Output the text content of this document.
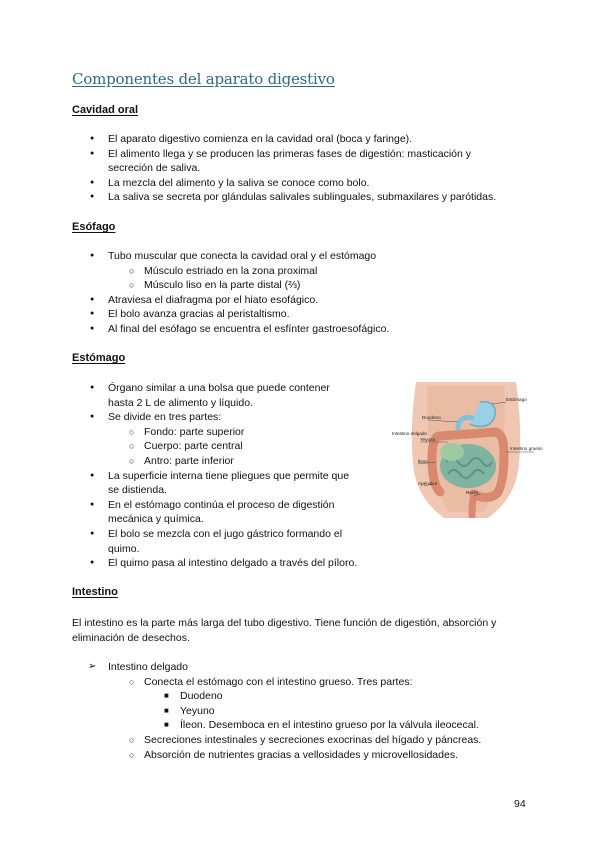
Componentes del aparato digestivo
Cavidad oral
● El aparato digestivo comienza en la cavidad oral (boca y faringe).
● El alimento llega y se producen las primeras fases de digestión: masticación y
secreción de saliva.
● La mezcla del alimento y la saliva se conoce como bolo.
● La saliva se secreta por glándulas salivales sublinguales, submaxilares y parótidas.
Esófago
● Tubo muscular que conecta la cavidad oral y el estómago
○ Músculo estriado en la zona proximal
○ Músculo liso en la parte distal (⅔)
● Atraviesa el diafragma por el hiato esofágico.
● El bolo avanza gracias al peristaltismo.
● Al final del esófago se encuentra el esfínter gastroesofágico.
Estómago
● Órgano similar a una bolsa que puede contener
hasta 2 L de alimento y líquido.
● Se divide en tres partes:
○ Fondo: parte superior
○ Cuerpo: parte central
○ Antro: parte inferior
● La superficie interna tiene pliegues que permite que
se distienda.
● En el estómago continúa el proceso de digestión
mecánica y química.
● El bolo se mezcla con el jugo gástrico formando el
quimo.
● El quimo pasa al intestino delgado a través del píloro.
Estómago
Duodeno
Intestino delgado
Yeyuno
Íleon
Apéndice
Recto
Intestino grueso
Intestino
El intestino es la parte más larga del tubo digestivo. Tiene función de digestión, absorción y
eliminación de desechos.
➢ Intestino delgado
○ Conecta el estómago con el intestino grueso. Tres partes:
■ Duodeno
■ Yeyuno
■ Íleon. Desemboca en el intestino grueso por la válvula ileocecal.
○ Secreciones intestinales y secreciones exocrinas del hígado y páncreas.
○ Absorción de nutrientes gracias a vellosidades y microvellosidades.
94
